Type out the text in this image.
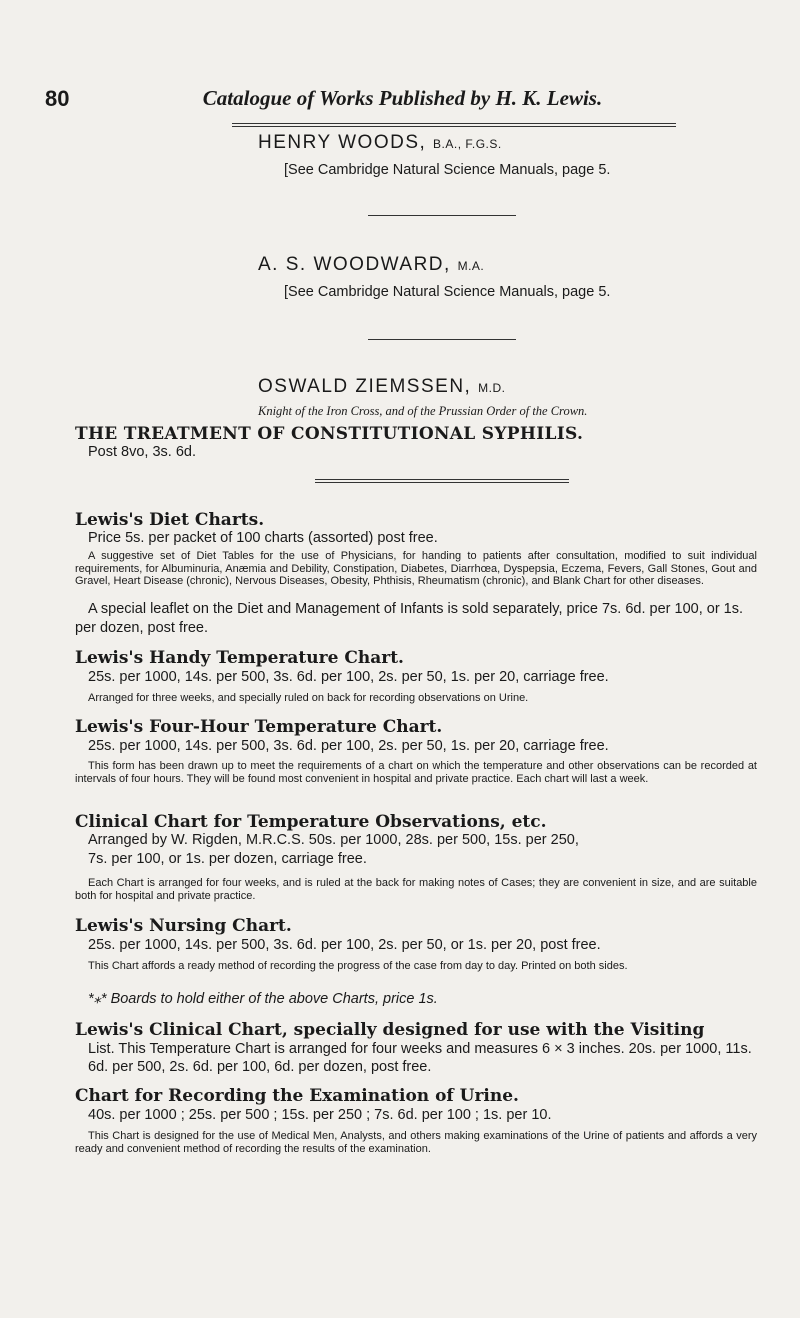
80	Catalogue of Works Published by H. K. Lewis.
HENRY WOODS, B.A., F.G.S.
[See Cambridge Natural Science Manuals, page 5.
A. S. WOODWARD, M.A.
[See Cambridge Natural Science Manuals, page 5.
OSWALD ZIEMSSEN, M.D.
Knight of the Iron Cross, and of the Prussian Order of the Crown.
THE TREATMENT OF CONSTITUTIONAL SYPHILIS.
Post 8vo, 3s. 6d.
Lewis's Diet Charts.
Price 5s. per packet of 100 charts (assorted) post free.
A suggestive set of Diet Tables for the use of Physicians, for handing to patients after consultation, modified to suit individual requirements, for Albuminuria, Anæmia and Debility, Constipation, Diabetes, Diarrhœa, Dyspepsia, Eczema, Fevers, Gall Stones, Gout and Gravel, Heart Disease (chronic), Nervous Diseases, Obesity, Phthisis, Rheumatism (chronic), and Blank Chart for other diseases.
A special leaflet on the Diet and Management of Infants is sold separately, price 7s. 6d. per 100, or 1s. per dozen, post free.
Lewis's Handy Temperature Chart.
25s. per 1000, 14s. per 500, 3s. 6d. per 100, 2s. per 50, 1s. per 20, carriage free.
Arranged for three weeks, and specially ruled on back for recording observations on Urine.
Lewis's Four-Hour Temperature Chart.
25s. per 1000, 14s. per 500, 3s. 6d. per 100, 2s. per 50, 1s. per 20, carriage free.
This form has been drawn up to meet the requirements of a chart on which the temperature and other observations can be recorded at intervals of four hours. They will be found most convenient in hospital and private practice. Each chart will last a week.
Clinical Chart for Temperature Observations, etc.
Arranged by W. Rigden, M.R.C.S. 50s. per 1000, 28s. per 500, 15s. per 250,
7s. per 100, or 1s. per dozen, carriage free.
Each Chart is arranged for four weeks, and is ruled at the back for making notes of Cases; they are convenient in size, and are suitable both for hospital and private practice.
Lewis's Nursing Chart.
25s. per 1000, 14s. per 500, 3s. 6d. per 100, 2s. per 50, or 1s. per 20, post free.
This Chart affords a ready method of recording the progress of the case from day to day. Printed on both sides.
*⁎* Boards to hold either of the above Charts, price 1s.
Lewis's Clinical Chart, specially designed for use with the Visiting
List. This Temperature Chart is arranged for four weeks and measures 6 × 3 inches. 20s. per 1000, 11s. 6d. per 500, 2s. 6d. per 100, 6d. per dozen, post free.
Chart for Recording the Examination of Urine.
40s. per 1000 ; 25s. per 500 ; 15s. per 250 ; 7s. 6d. per 100 ; 1s. per 10.
This Chart is designed for the use of Medical Men, Analysts, and others making examinations of the Urine of patients and affords a very ready and convenient method of recording the results of the examination.
